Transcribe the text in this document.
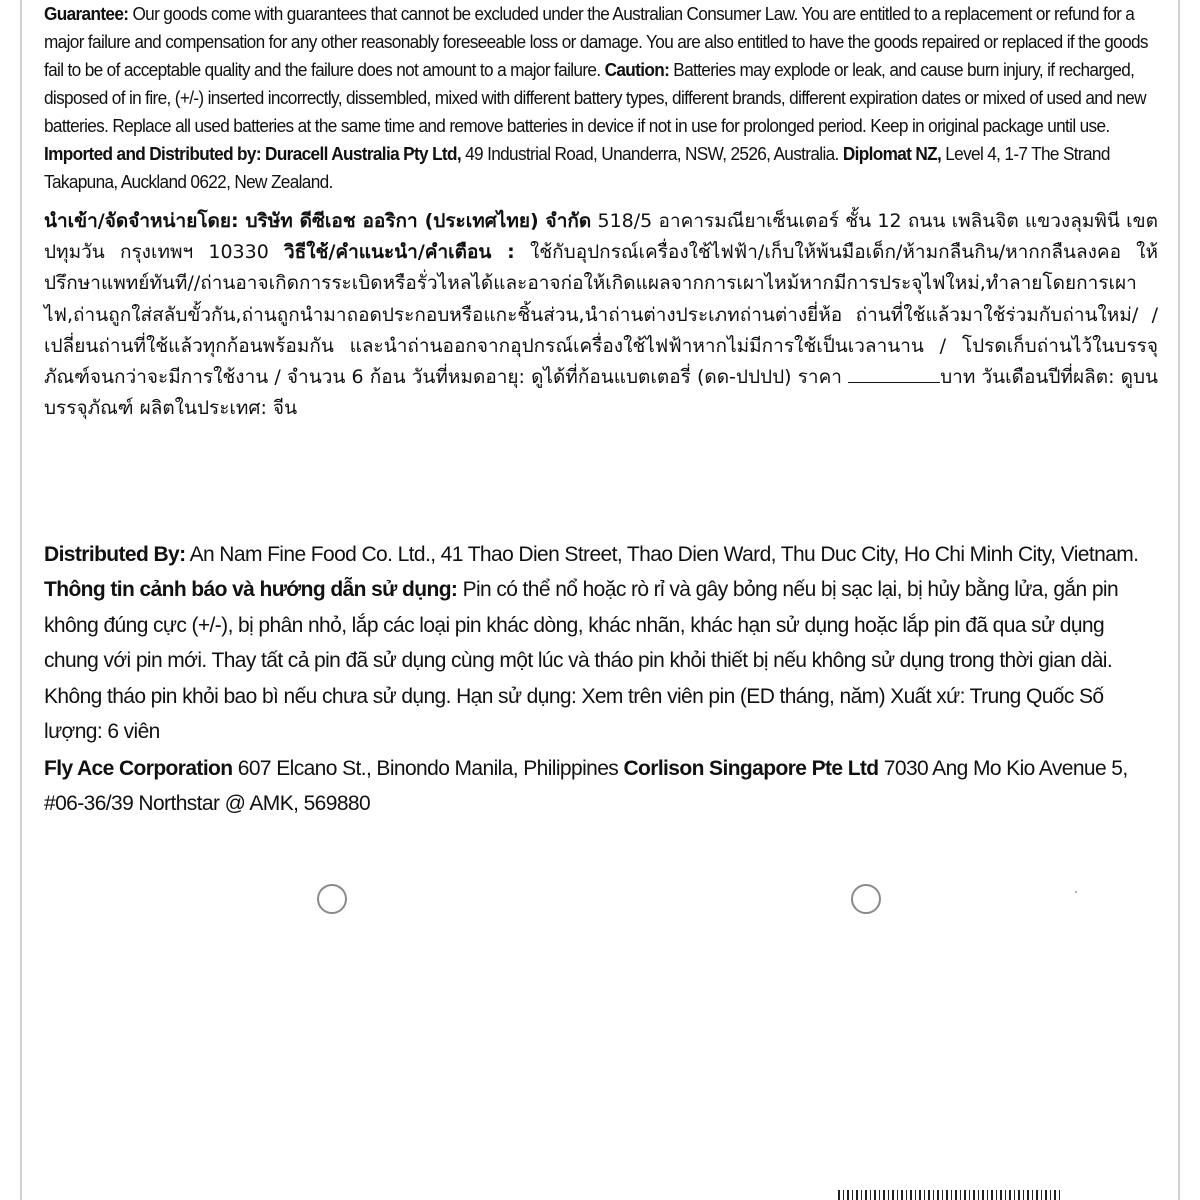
Guarantee: Our goods come with guarantees that cannot be excluded under the Australian Consumer Law. You are entitled to a replacement or refund for a major failure and compensation for any other reasonably foreseeable loss or damage. You are also entitled to have the goods repaired or replaced if the goods fail to be of acceptable quality and the failure does not amount to a major failure. Caution: Batteries may explode or leak, and cause burn injury, if recharged, disposed of in fire, (+/-) inserted incorrectly, dissembled, mixed with different battery types, different brands, different expiration dates or mixed of used and new batteries. Replace all used batteries at the same time and remove batteries in device if not in use for prolonged period. Keep in original package until use. Imported and Distributed by: Duracell Australia Pty Ltd, 49 Industrial Road, Unanderra, NSW, 2526, Australia. Diplomat NZ, Level 4, 1-7 The Strand Takapuna, Auckland 0622, New Zealand.
นำเข้า/จัดจำหน่ายโดย: บริษัท ดีซีเอช ออริกา (ประเทศไทย) จำกัด 518/5 อาคารมณียาเซ็นเตอร์ ชั้น 12 ถนน เพลินจิต แขวงลุมพินี เขตปทุมวัน กรุงเทพฯ 10330 วิธีใช้/คำแนะนำ/คำเตือน : ใช้กับอุปกรณ์เครื่องใช้ไฟฟ้า/เก็บให้พ้นมือเด็ก/ห้ามกลืนกิน/หากกลืนลงคอ ให้ปรึกษาแพทย์ทันที//ถ่านอาจเกิดการระเบิดหรือรั่วไหลได้และอาจก่อให้เกิดแผลจากการเผาไหม้หากมีการประจุไฟใหม่,ทำลายโดยการเผาไฟ,ถ่านถูกใส่สลับขั้วกัน,ถ่านถูกนำมาถอดประกอบหรือแกะชิ้นส่วน,นำถ่านต่างประเภทถ่านต่างยี่ห้อ ถ่านที่ใช้แล้วมาใช้ร่วมกับถ่านใหม่/ / เปลี่ยนถ่านที่ใช้แล้วทุกก้อนพร้อมกัน และนำถ่านออกจากอุปกรณ์เครื่องใช้ไฟฟ้าหากไม่มีการใช้เป็นเวลานาน / โปรดเก็บถ่านไว้ในบรรจุภัณฑ์จนกว่าจะมีการใช้งาน / จำนวน 6 ก้อน วันที่หมดอายุ: ดูได้ที่ก้อนแบตเตอรี่ (ดด-ปปปป) ราคา	บาท วันเดือนปีที่ผลิต: ดูบนบรรจุภัณฑ์ ผลิตในประเทศ: จีน
Distributed By: An Nam Fine Food Co. Ltd., 41 Thao Dien Street, Thao Dien Ward, Thu Duc City, Ho Chi Minh City, Vietnam. Thông tin cảnh báo và hướng dẫn sử dụng: Pin có thể nổ hoặc rò rỉ và gây bỏng nếu bị sạc lại, bị hủy bằng lửa, gắn pin không đúng cực (+/-), bị phân nhỏ, lắp các loại pin khác dòng, khác nhãn, khác hạn sử dụng hoặc lắp pin đã qua sử dụng chung với pin mới. Thay tất cả pin đã sử dụng cùng một lúc và tháo pin khỏi thiết bị nếu không sử dụng trong thời gian dài. Không tháo pin khỏi bao bì nếu chưa sử dụng. Hạn sử dụng: Xem trên viên pin (ED tháng, năm) Xuất xứ: Trung Quốc Số lượng: 6 viên
Fly Ace Corporation 607 Elcano St., Binondo Manila, Philippines Corlison Singapore Pte Ltd 7030 Ang Mo Kio Avenue 5, #06-36/39 Northstar @ AMK, 569880
